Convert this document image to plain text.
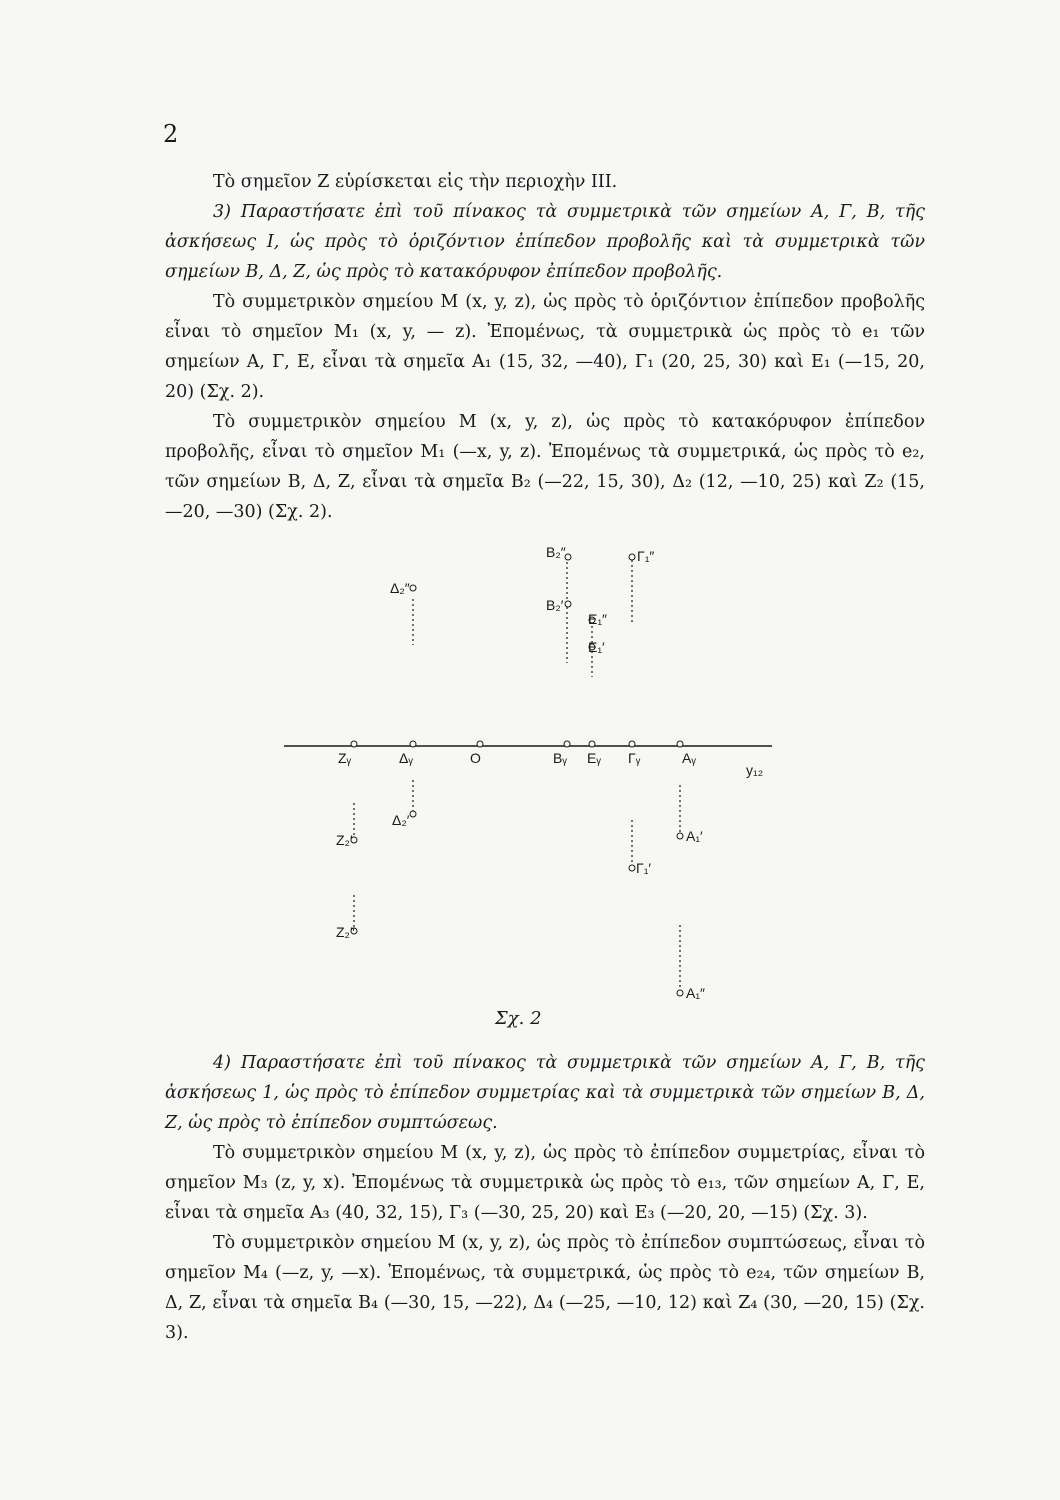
2

Τὸ σημεῖον Ζ εὑρίσκεται εἰς τὴν περιοχὴν III.

3) Παραστήσατε ἐπὶ τοῦ πίνακος τὰ συμμετρικὰ τῶν σημείων Α, Γ, Β, τῆς ἀσκήσεως Ι, ὡς πρὸς τὸ ὁριζόντιον ἐπίπεδον προβολῆς καὶ τὰ συμμετρικὰ τῶν σημείων Β, Δ, Ζ, ὡς πρὸς τὸ κατακόρυφον ἐπίπεδον προβολῆς.

Τὸ συμμετρικὸν σημείου Μ (x, y, z), ὡς πρὸς τὸ ὁριζόντιον ἐπίπεδον προβολῆς εἶναι τὸ σημεῖον Μ₁ (x, y, — z). Ἐπομένως, τὰ συμμετρικὰ ὡς πρὸς τὸ e₁ τῶν σημείων Α, Γ, Ε, εἶναι τὰ σημεῖα Α₁ (15, 32, —40), Γ₁ (20, 25, 30) καὶ Ε₁ (—15, 20, 20) (Σχ. 2).

Τὸ συμμετρικὸν σημείου Μ (x, y, z), ὡς πρὸς τὸ κατακόρυφον ἐπίπεδον προβολῆς, εἶναι τὸ σημεῖον Μ₁ (—x, y, z). Ἐπομένως τὰ συμμετρικά, ὡς πρὸς τὸ e₂, τῶν σημείων Β, Δ, Ζ, εἶναι τὰ σημεῖα Β₂ (—22, 15, 30), Δ₂ (12, —10, 25) καὶ Ζ₂ (15, —20, —30) (Σχ. 2).

y₁₂
Ζᵧ	Δᵧ	Ο	Βᵧ Εᵧ Γᵧ	Αᵧ
Β₂″	Γ₁″
Δ₂″
Β₂′
Ε₁″
Ε₁′
Δ₂′
Ζ₂′	Α₁′
Γ₁′
Ζ₂″
Α₁″
Σχ. 2

4) Παραστήσατε ἐπὶ τοῦ πίνακος τὰ συμμετρικὰ τῶν σημείων Α, Γ, Β, τῆς ἀσκήσεως 1, ὡς πρὸς τὸ ἐπίπεδον συμμετρίας καὶ τὰ συμμετρικὰ τῶν σημείων Β, Δ, Ζ, ὡς πρὸς τὸ ἐπίπεδον συμπτώσεως.

Τὸ συμμετρικὸν σημείου Μ (x, y, z), ὡς πρὸς τὸ ἐπίπεδον συμμετρίας, εἶναι τὸ σημεῖον Μ₃ (z, y, x). Ἐπομένως τὰ συμμετρικὰ ὡς πρὸς τὸ e₁₃, τῶν σημείων Α, Γ, Ε, εἶναι τὰ σημεῖα Α₃ (40, 32, 15), Γ₃ (—30, 25, 20) καὶ Ε₃ (—20, 20, —15) (Σχ. 3).

Τὸ συμμετρικὸν σημείου Μ (x, y, z), ὡς πρὸς τὸ ἐπίπεδον συμπτώσεως, εἶναι τὸ σημεῖον Μ₄ (—z, y, —x). Ἐπομένως, τὰ συμμετρικά, ὡς πρὸς τὸ e₂₄, τῶν σημείων Β, Δ, Ζ, εἶναι τὰ σημεῖα Β₄ (—30, 15, —22), Δ₄ (—25, —10, 12) καὶ Ζ₄ (30, —20, 15) (Σχ. 3).
